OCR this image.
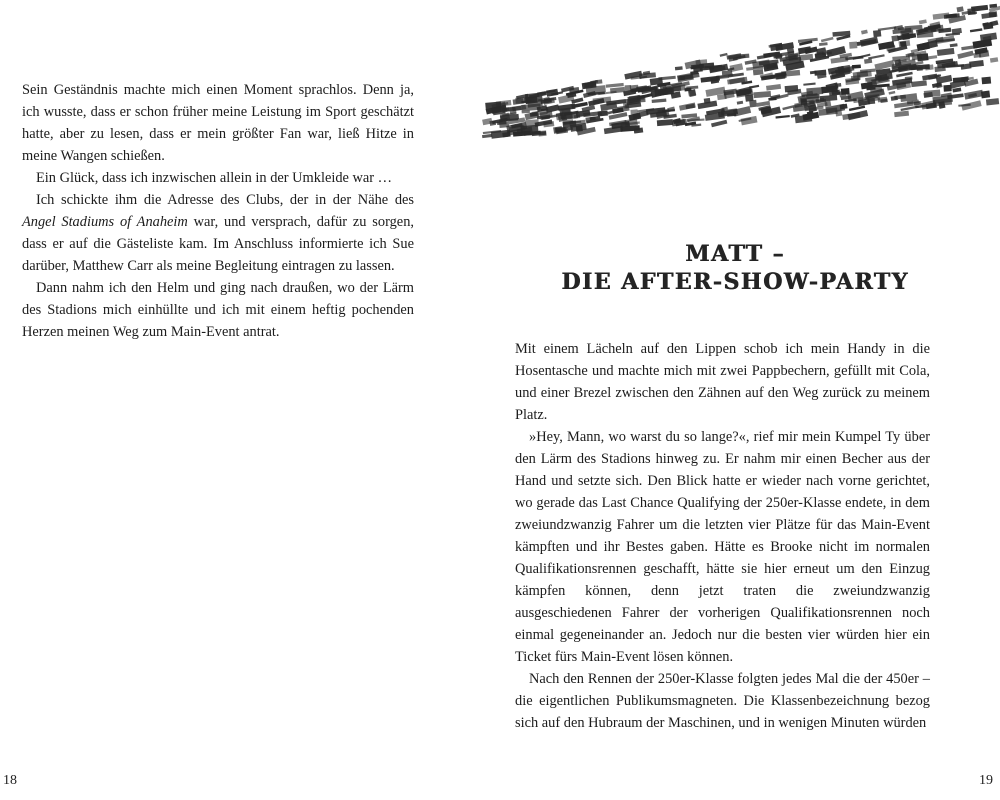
Sein Geständnis machte mich einen Moment sprachlos. Denn ja, ich wusste, dass er schon früher meine Leistung im Sport geschätzt hatte, aber zu lesen, dass er mein größter Fan war, ließ Hitze in meine Wangen schießen.

Ein Glück, dass ich inzwischen allein in der Umkleide war …

Ich schickte ihm die Adresse des Clubs, der in der Nähe des Angel Stadiums of Anaheim war, und versprach, dafür zu sorgen, dass er auf die Gästeliste kam. Im Anschluss informierte ich Sue darüber, Matthew Carr als meine Begleitung eintragen zu lassen.

Dann nahm ich den Helm und ging nach draußen, wo der Lärm des Stadions mich einhüllte und ich mit einem heftig pochenden Herzen meinen Weg zum Main-Event antrat.

18
MATT –
DIE AFTER-SHOW-PARTY

Mit einem Lächeln auf den Lippen schob ich mein Handy in die Hosentasche und machte mich mit zwei Pappbechern, gefüllt mit Cola, und einer Brezel zwischen den Zähnen auf den Weg zurück zu meinem Platz.

»Hey, Mann, wo warst du so lange?«, rief mir mein Kumpel Ty über den Lärm des Stadions hinweg zu. Er nahm mir einen Becher aus der Hand und setzte sich. Den Blick hatte er wieder nach vorne gerichtet, wo gerade das Last Chance Qualifying der 250er-Klasse endete, in dem zweiundzwanzig Fahrer um die letzten vier Plätze für das Main-Event kämpften und ihr Bestes gaben. Hätte es Brooke nicht im normalen Qualifikationsrennen geschafft, hätte sie hier erneut um den Einzug kämpfen können, denn jetzt traten die zweiundzwanzig ausgeschiedenen Fahrer der vorherigen Qualifikationsrennen noch einmal gegeneinander an. Jedoch nur die besten vier würden hier ein Ticket fürs Main-Event lösen können.

Nach den Rennen der 250er-Klasse folgten jedes Mal die der 450er – die eigentlichen Publikumsmagneten. Die Klassenbezeichnung bezog sich auf den Hubraum der Maschinen, und in wenigen Minuten würden

19
